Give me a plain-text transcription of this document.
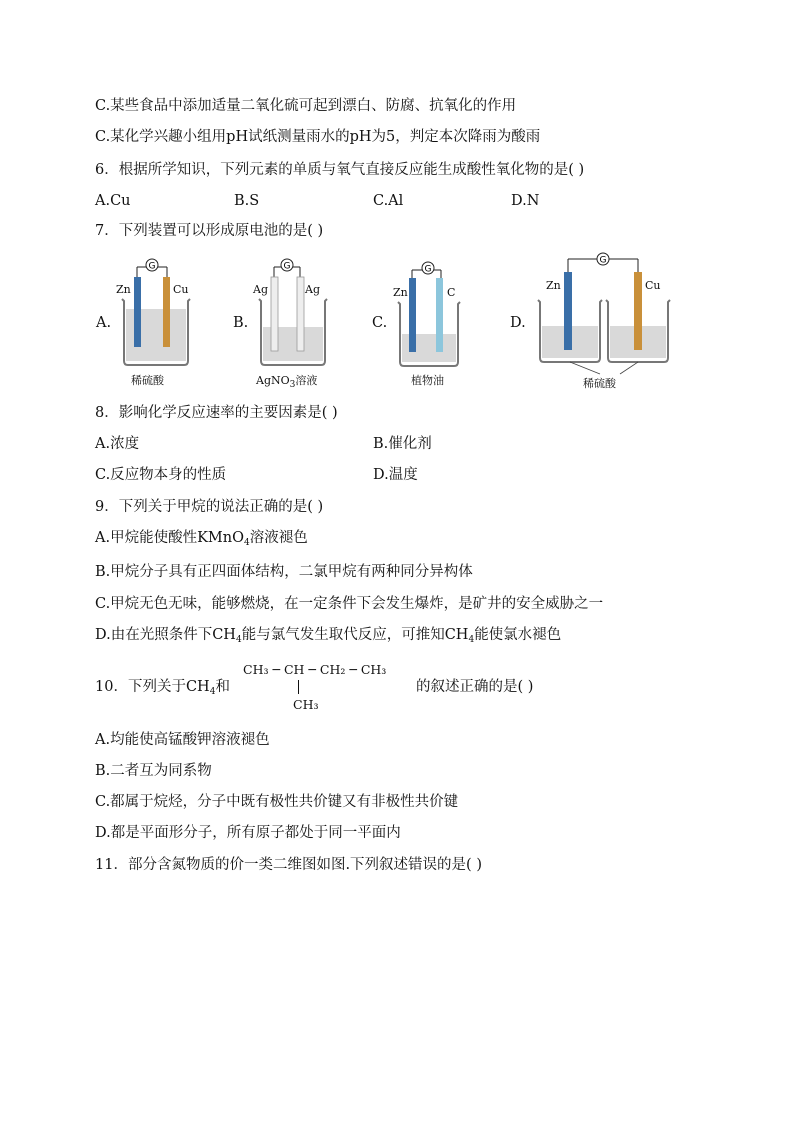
C.某些食品中添加适量二氧化硫可起到漂白、防腐、抗氧化的作用
C.某化学兴趣小组用pH试纸测量雨水的pH为5，判定本次降雨为酸雨
6．根据所学知识，下列元素的单质与氧气直接反应能生成酸性氧化物的是( )
A.Cu	B.S	C.Al	D.N
7．下列装置可以形成原电池的是( )
A.
G
Zn	Cu
稀硫酸
B.
G
Ag	Ag
AgNO$_3$溶液
C.
G
Zn	C
植物油
D.
G
Zn	Cu
稀硫酸
8．影响化学反应速率的主要因素是( )
A.浓度	B.催化剂
C.反应物本身的性质	D.温度
9．下列关于甲烷的说法正确的是( )
A.甲烷能使酸性KMnO$_4$溶液褪色
B.甲烷分子具有正四面体结构，二氯甲烷有两种同分异构体
C.甲烷无色无味，能够燃烧，在一定条件下会发生爆炸，是矿井的安全威胁之一
D.由在光照条件下$CH_4$能与氯气发生取代反应，可推知$CH_4$能使氯水褪色
10．下列关于$CH_4$和
CH₃ ─ CH ─ CH₂ ─ CH₃
CH₃
的叙述正确的是( )
A.均能使高锰酸钾溶液褪色
B.二者互为同系物
C.都属于烷烃，分子中既有极性共价键又有非极性共价键
D.都是平面形分子，所有原子都处于同一平面内
11．部分含氮物质的价一类二维图如图.下列叙述错误的是( )
